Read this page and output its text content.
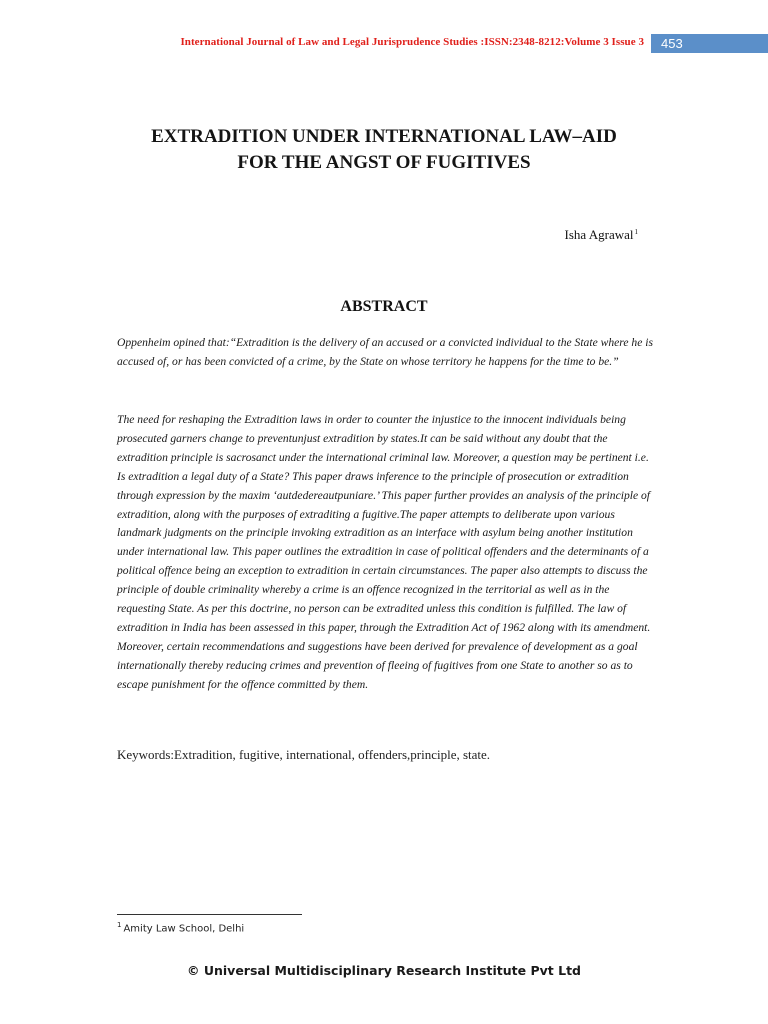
International Journal of Law and Legal Jurisprudence Studies :ISSN:2348-8212:Volume 3 Issue 3	453
EXTRADITION UNDER INTERNATIONAL LAW–AID
FOR THE ANGST OF FUGITIVES
Isha Agrawal$^1$
ABSTRACT

Oppenheim opined that:“Extradition is the delivery of an accused or a convicted individual to the State where he is accused of, or has been convicted of a crime, by the State on whose territory he happens for the time to be.”

The need for reshaping the Extradition laws in order to counter the injustice to the innocent individuals being prosecuted garners change to preventunjust extradition by states.It can be said without any doubt that the extradition principle is sacrosanct under the international criminal law. Moreover, a question may be pertinent i.e. Is extradition a legal duty of a State? This paper draws inference to the principle of prosecution or extradition through expression by the maxim ‘autdedereautpuniare.’ This paper further provides an analysis of the principle of extradition, along with the purposes of extraditing a fugitive.The paper attempts to deliberate upon various landmark judgments on the principle invoking extradition as an interface with asylum being another institution under international law. This paper outlines the extradition in case of political offenders and the determinants of a political offence being an exception to extradition in certain circumstances. The paper also attempts to discuss the principle of double criminality whereby a crime is an offence recognized in the territorial as well as in the requesting State. As per this doctrine, no person can be extradited unless this condition is fulfilled. The law of extradition in India has been assessed in this paper, through the Extradition Act of 1962 along with its amendment. Moreover, certain recommendations and suggestions have been derived for prevalence of development as a goal internationally thereby reducing crimes and prevention of fleeing of fugitives from one State to another so as to escape punishment for the offence committed by them.

Keywords:Extradition, fugitive, international, offenders,principle, state.
$^1$ Amity Law School, Delhi
© Universal Multidisciplinary Research Institute Pvt Ltd
